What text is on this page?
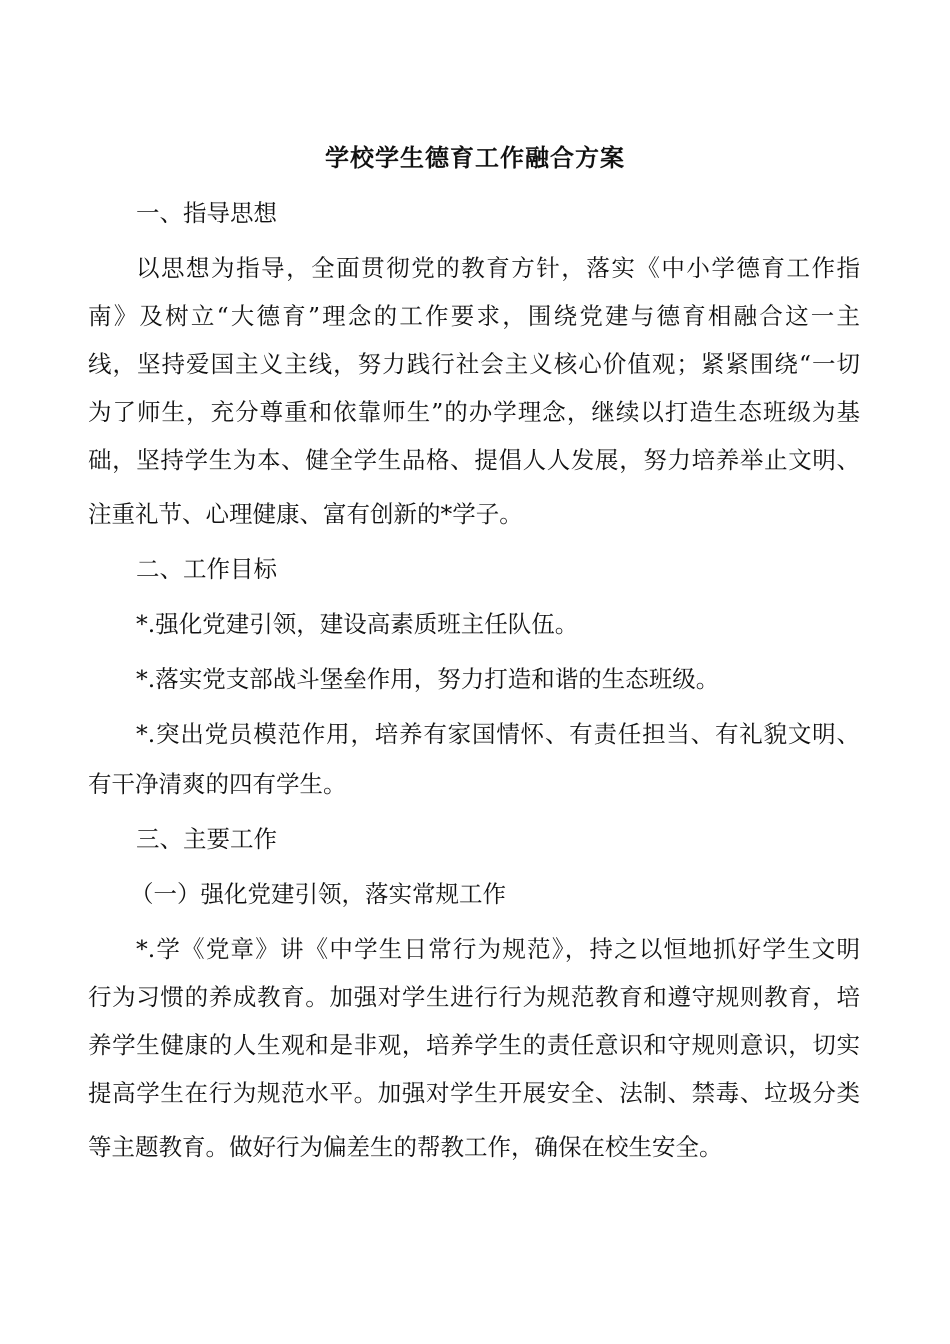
学校学生德育工作融合方案
一、指导思想
以思想为指导，全面贯彻党的教育方针，落实《中小学德育工作指
南》及树立“大德育”理念的工作要求，围绕党建与德育相融合这一主
线，坚持爱国主义主线，努力践行社会主义核心价值观；紧紧围绕“一切
为了师生，充分尊重和依靠师生”的办学理念，继续以打造生态班级为基
础，坚持学生为本、健全学生品格、提倡人人发展，努力培养举止文明、
注重礼节、心理健康、富有创新的*学子。
二、工作目标
*.强化党建引领，建设高素质班主任队伍。
*.落实党支部战斗堡垒作用，努力打造和谐的生态班级。
*.突出党员模范作用，培养有家国情怀、有责任担当、有礼貌文明、
有干净清爽的四有学生。
三、主要工作
（一）强化党建引领，落实常规工作
*.学《党章》讲《中学生日常行为规范》，持之以恒地抓好学生文明
行为习惯的养成教育。加强对学生进行行为规范教育和遵守规则教育，培
养学生健康的人生观和是非观，培养学生的责任意识和守规则意识，切实
提高学生在行为规范水平。加强对学生开展安全、法制、禁毒、垃圾分类
等主题教育。做好行为偏差生的帮教工作，确保在校生安全。
